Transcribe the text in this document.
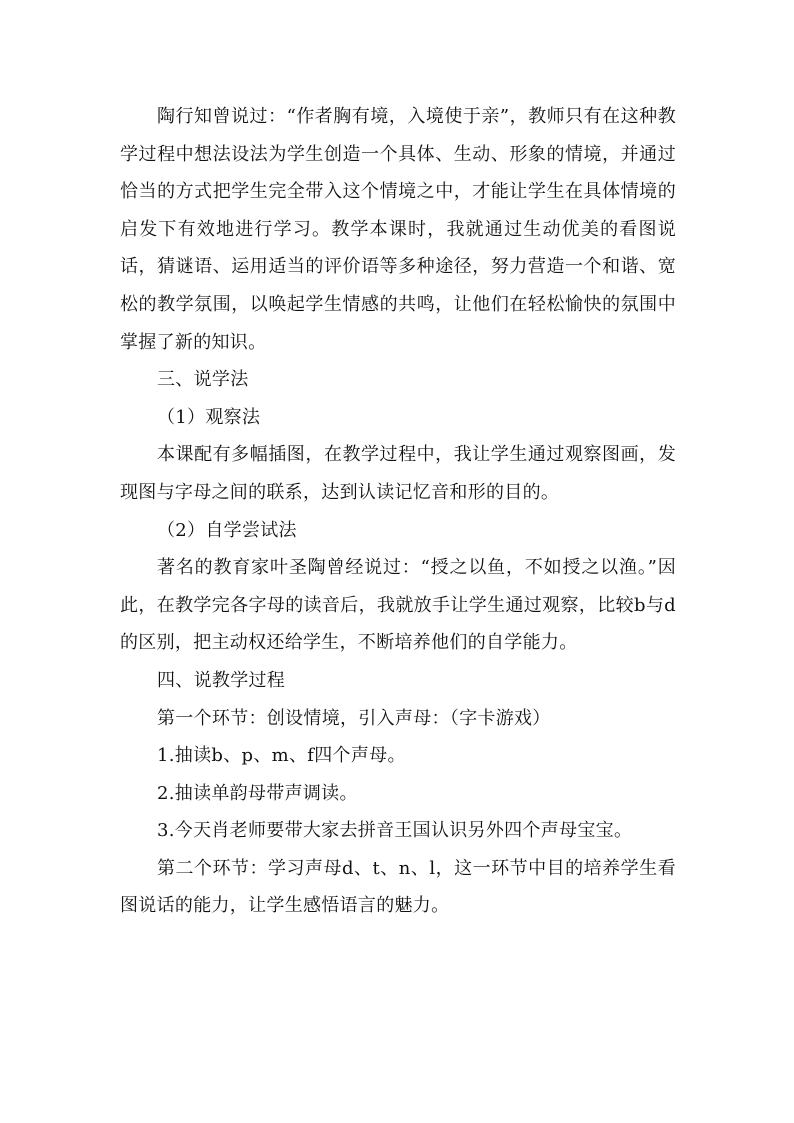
陶行知曾说过：“作者胸有境，入境使于亲”，教师只有在这种教学过程中想法设法为学生创造一个具体、生动、形象的情境，并通过恰当的方式把学生完全带入这个情境之中，才能让学生在具体情境的启发下有效地进行学习。教学本课时，我就通过生动优美的看图说话，猜谜语、运用适当的评价语等多种途径，努力营造一个和谐、宽松的教学氛围，以唤起学生情感的共鸣，让他们在轻松愉快的氛围中掌握了新的知识。

三、说学法

（1）观察法

本课配有多幅插图，在教学过程中，我让学生通过观察图画，发现图与字母之间的联系，达到认读记忆音和形的目的。

（2）自学尝试法

著名的教育家叶圣陶曾经说过：“授之以鱼，不如授之以渔。”因此，在教学完各字母的读音后，我就放手让学生通过观察，比较b与d的区别，把主动权还给学生，不断培养他们的自学能力。

四、说教学过程

第一个环节：创设情境，引入声母：（字卡游戏）

1.抽读b、p、m、f四个声母。

2.抽读单韵母带声调读。

3.今天肖老师要带大家去拼音王国认识另外四个声母宝宝。

第二个环节：学习声母d、t、n、l，这一环节中目的培养学生看图说话的能力，让学生感悟语言的魅力。
